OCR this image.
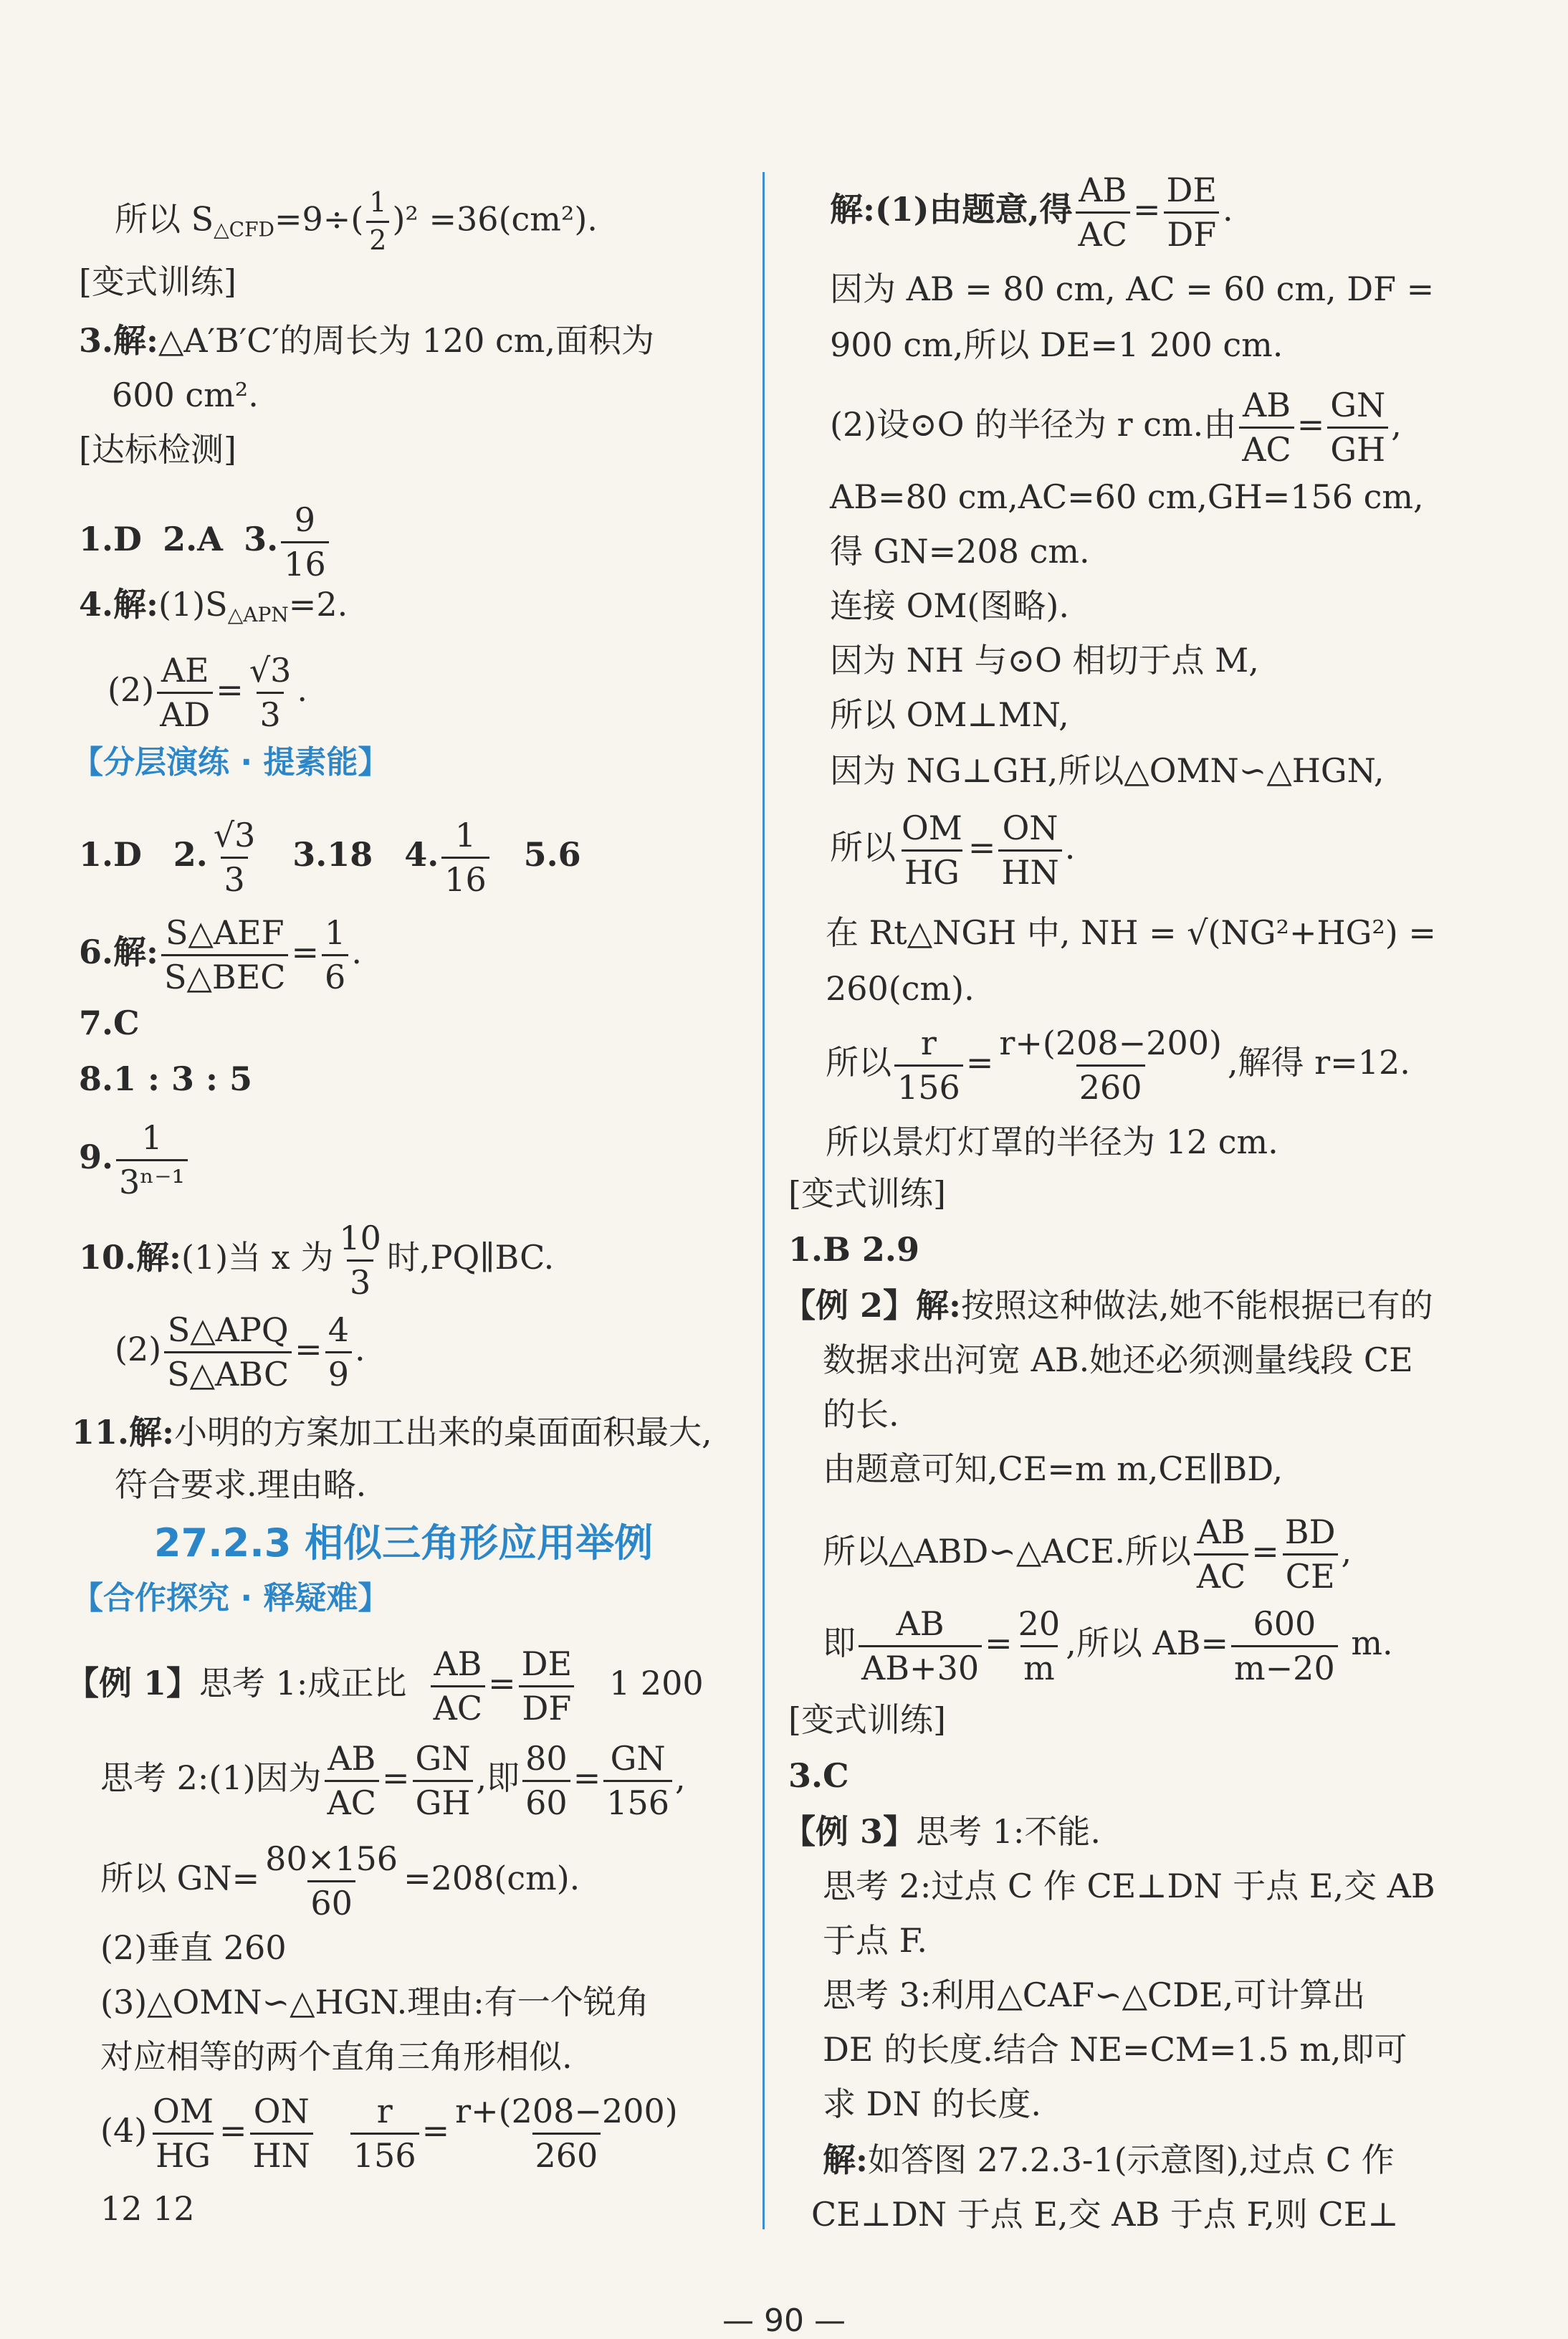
所以 $S_{\triangle CFD}=9\div( \frac{1}{2} )^2 =36(cm^2)$.
[变式训练]
3.解:△A′B′C′的周长为 120 cm,面积为
600 cm².
[达标检测]
1.D 2.A 3. $\frac{9}{16}$
4.解$:(1)S_{\triangle APN}=2$.
$(2) \frac{AE}{AD} = \frac{√3}{3}$ .
【分层演练 · 提素能】
1.D 2. $\frac{√3}{3} 3.18$ 4. $\frac{1}{16} 5.6$
6.解: $\frac{\text{S△AEF}}{\text{S△BEC}} = \frac{1}{6}$ .
7.C
8.1 : 3 : 5
9. $\frac{1}{\text{3ⁿ⁻¹}}$
10.解:(1)当 x 为 $\frac{10}{3}$ 时,PQ∥BC.
$(2) \frac{\text{S△APQ}}{\text{S△ABC}} = \frac{4}{9}$ .
11.解:小明的方案加工出来的桌面面积最大,
符合要求.理由略.
27.2.3 相似三角形应用举例
【合作探究 · 释疑难】
【例 1】思考 1:成正比 $\frac{AB}{AC} = \frac{DE}{DF} 1$ 200
思考 2:(1)因为 $\frac{AB}{AC} = \frac{GN}{GH}$ ,即 $\frac{80}{60} = \frac{GN}{156}$ ,
所以 $GN= \frac{80\times 156}{60} =208(cm)$.
(2)垂直 260
(3)△OMN∽△HGN.理由:有一个锐角
对应相等的两个直角三角形相似.
$(4) \frac{OM}{HG} = \frac{ON}{HN}$
$\frac{r}{156} = \frac{r+(208-200)}{260}$
12 12
解:(1)由题意,得 $\frac{AB}{AC} = \frac{DE}{DF}$ .
因为 AB = 80 cm, AC = 60 cm, DF =
900 cm,所以 DE=1 200 cm.
(2)设⊙O 的半径为 r cm.由 $\frac{AB}{AC} = \frac{GN}{GH}$ ,
AB=80 cm,AC=60 cm,GH=156 cm,
得 GN=208 cm.
连接 OM(图略).
因为 NH 与⊙O 相切于点 M,
所以 OM⊥MN,
因为 NG⊥GH,所以△OMN∽△HGN,
所以 $\frac{OM}{HG} = \frac{ON}{HN}$ .
在 Rt△NGH 中, NH = √(NG²+HG²) =
260(cm).
所以 $\frac{r}{156} = \frac{r+(208-200)}{260}$ ,解得 r=12.
所以景灯灯罩的半径为 12 cm.
[变式训练]
1.B 2.9
【例 2】解:按照这种做法,她不能根据已有的
数据求出河宽 AB.她还必须测量线段 CE
的长.
由题意可知,CE=m m,CE∥BD,
所以△ABD∽△ACE.所以 $\frac{AB}{AC} = \frac{BD}{CE}$ ,
即 $\frac{AB}{AB+30} = \frac{20}{m}$ ,所以 $AB= \frac{600}{m-20} m$.
[变式训练]
3.C
【例 3】思考 1:不能.
思考 2:过点 C 作 CE⊥DN 于点 E,交 AB
于点 F.
思考 3:利用△CAF∽△CDE,可计算出
DE 的长度.结合 NE=CM=1.5 m,即可
求 DN 的长度.
解:如答图 27.2.3-1(示意图),过点 C 作
CE⊥DN 于点 E,交 AB 于点 F,则 CE⊥
— 90 —
